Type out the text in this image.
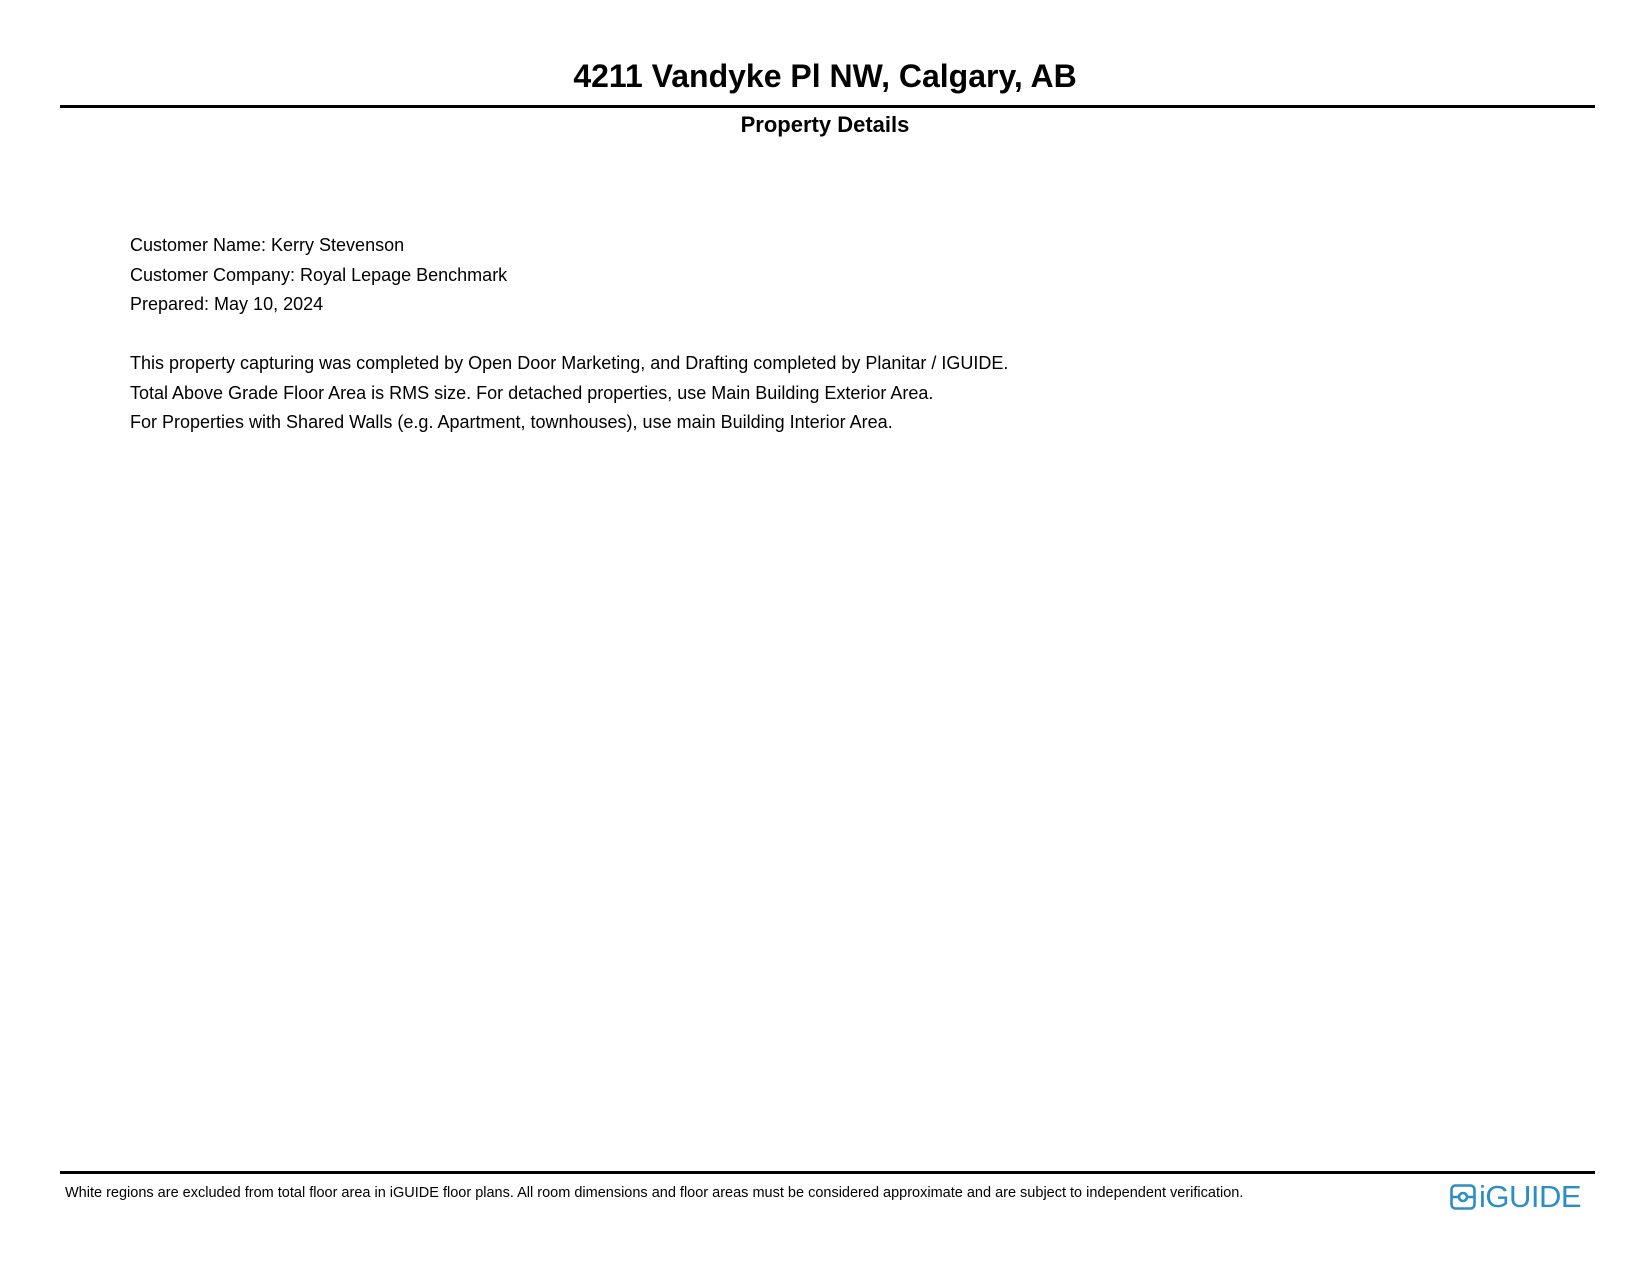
4211 Vandyke Pl NW, Calgary, AB
Property Details
Customer Name: Kerry Stevenson
Customer Company: Royal Lepage Benchmark
Prepared: May 10, 2024
This property capturing was completed by Open Door Marketing, and Drafting completed by Planitar / IGUIDE.
Total Above Grade Floor Area is RMS size. For detached properties, use Main Building Exterior Area.
For Properties with Shared Walls (e.g. Apartment, townhouses), use main Building Interior Area.
White regions are excluded from total floor area in iGUIDE floor plans. All room dimensions and floor areas must be considered approximate and are subject to independent verification.	iGUIDE
